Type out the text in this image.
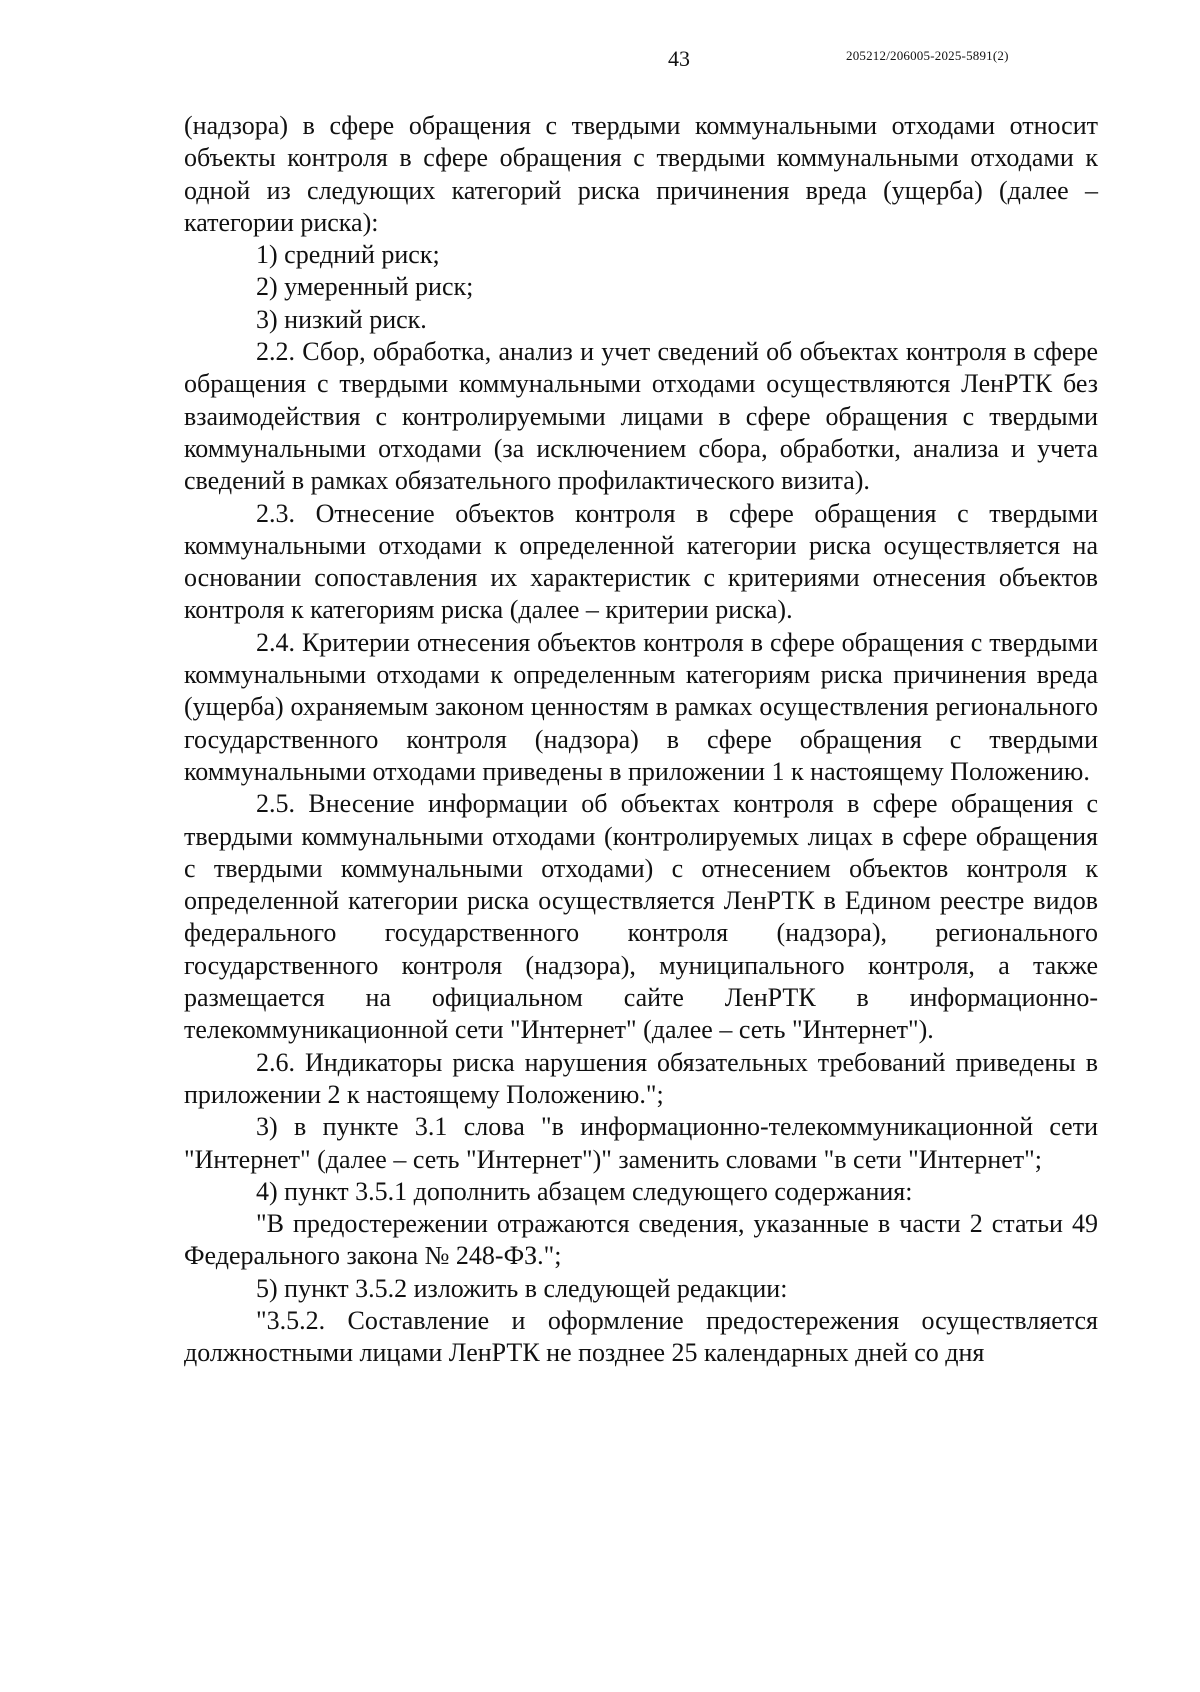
43	205212/206005-2025-5891(2)

(надзора) в сфере обращения с твердыми коммунальными отходами относит объекты контроля в сфере обращения с твердыми коммунальными отходами к одной из следующих категорий риска причинения вреда (ущерба) (далее – категории риска):

1) средний риск;

2) умеренный риск;

3) низкий риск.

2.2. Сбор, обработка, анализ и учет сведений об объектах контроля в сфере обращения с твердыми коммунальными отходами осуществляются ЛенРТК без взаимодействия с контролируемыми лицами в сфере обращения с твердыми коммунальными отходами (за исключением сбора, обработки, анализа и учета сведений в рамках обязательного профилактического визита).

2.3. Отнесение объектов контроля в сфере обращения с твердыми коммунальными отходами к определенной категории риска осуществляется на основании сопоставления их характеристик с критериями отнесения объектов контроля к категориям риска (далее – критерии риска).

2.4. Критерии отнесения объектов контроля в сфере обращения с твердыми коммунальными отходами к определенным категориям риска причинения вреда (ущерба) охраняемым законом ценностям в рамках осуществления регионального государственного контроля (надзора) в сфере обращения с твердыми коммунальными отходами приведены в приложении 1 к настоящему Положению.

2.5. Внесение информации об объектах контроля в сфере обращения с твердыми коммунальными отходами (контролируемых лицах в сфере обращения с твердыми коммунальными отходами) с отнесением объектов контроля к определенной категории риска осуществляется ЛенРТК в Едином реестре видов федерального государственного контроля (надзора), регионального государственного контроля (надзора), муниципального контроля, а также размещается на официальном сайте ЛенРТК в информационно-телекоммуникационной сети "Интернет" (далее – сеть "Интернет").

2.6. Индикаторы риска нарушения обязательных требований приведены в приложении 2 к настоящему Положению.";

3) в пункте 3.1 слова "в информационно-телекоммуникационной сети "Интернет" (далее – сеть "Интернет")" заменить словами "в сети "Интернет";

4) пункт 3.5.1 дополнить абзацем следующего содержания:

"В предостережении отражаются сведения, указанные в части 2 статьи 49 Федерального закона № 248-ФЗ.";

5) пункт 3.5.2 изложить в следующей редакции:

"3.5.2. Составление и оформление предостережения осуществляется должностными лицами ЛенРТК не позднее 25 календарных дней со дня
